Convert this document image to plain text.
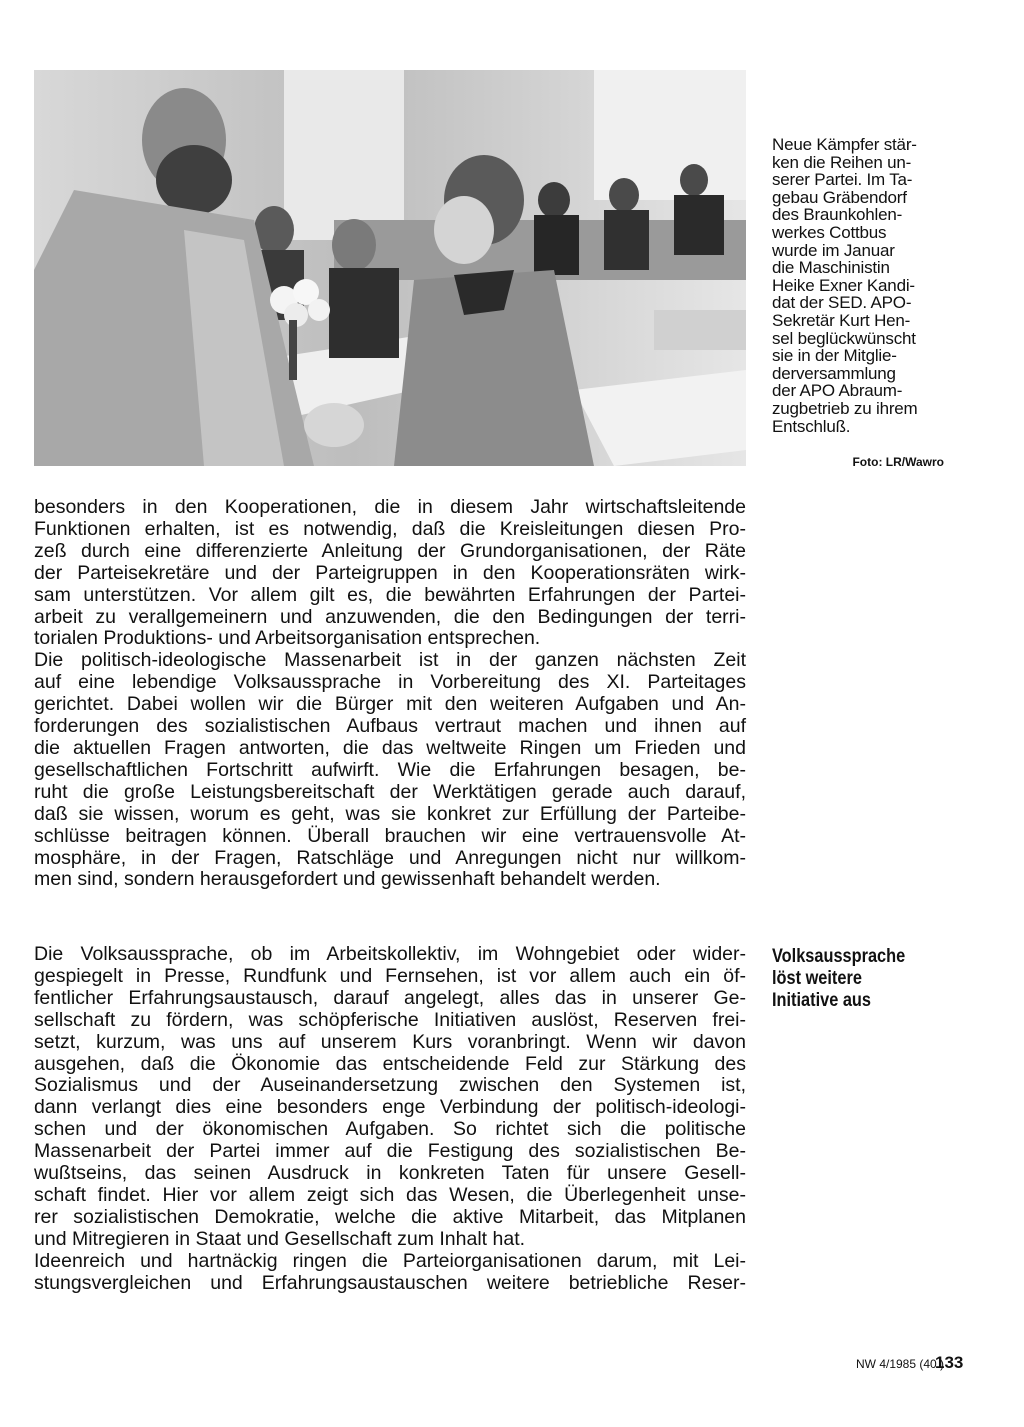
Neue Kämpfer stär-
ken die Reihen un-
serer Partei. Im Ta-
gebau Gräbendorf
des Braunkohlen-
werkes Cottbus
wurde im Januar
die Maschinistin
Heike Exner Kandi-
dat der SED. APO-
Sekretär Kurt Hen-
sel beglückwünscht
sie in der Mitglie-
derversammlung
der APO Abraum-
zugbetrieb zu ihrem
Entschluß.
Foto: LR/Wawro
besonders in den Kooperationen, die in diesem Jahr wirtschaftsleitende
Funktionen erhalten, ist es notwendig, daß die Kreisleitungen diesen Pro-
zeß durch eine differenzierte Anleitung der Grundorganisationen, der Räte
der Parteisekretäre und der Parteigruppen in den Kooperationsräten wirk-
sam unterstützen. Vor allem gilt es, die bewährten Erfahrungen der Partei-
arbeit zu verallgemeinern und anzuwenden, die den Bedingungen der terri-
torialen Produktions- und Arbeitsorganisation entsprechen.
Die politisch-ideologische Massenarbeit ist in der ganzen nächsten Zeit
auf eine lebendige Volksaussprache in Vorbereitung des XI. Parteitages
gerichtet. Dabei wollen wir die Bürger mit den weiteren Aufgaben und An-
forderungen des sozialistischen Aufbaus vertraut machen und ihnen auf
die aktuellen Fragen antworten, die das weltweite Ringen um Frieden und
gesellschaftlichen Fortschritt aufwirft. Wie die Erfahrungen besagen, be-
ruht die große Leistungsbereitschaft der Werktätigen gerade auch darauf,
daß sie wissen, worum es geht, was sie konkret zur Erfüllung der Parteibe-
schlüsse beitragen können. Überall brauchen wir eine vertrauensvolle At-
mosphäre, in der Fragen, Ratschläge und Anregungen nicht nur willkom-
men sind, sondern herausgefordert und gewissenhaft behandelt werden.
Volksaussprache
löst weitere
Initiative aus
Die Volksaussprache, ob im Arbeitskollektiv, im Wohngebiet oder wider-
gespiegelt in Presse, Rundfunk und Fernsehen, ist vor allem auch ein öf-
fentlicher Erfahrungsaustausch, darauf angelegt, alles das in unserer Ge-
sellschaft zu fördern, was schöpferische Initiativen auslöst, Reserven frei-
setzt, kurzum, was uns auf unserem Kurs voranbringt. Wenn wir davon
ausgehen, daß die Ökonomie das entscheidende Feld zur Stärkung des
Sozialismus und der Auseinandersetzung zwischen den Systemen ist,
dann verlangt dies eine besonders enge Verbindung der politisch-ideologi-
schen und der ökonomischen Aufgaben. So richtet sich die politische
Massenarbeit der Partei immer auf die Festigung des sozialistischen Be-
wußtseins, das seinen Ausdruck in konkreten Taten für unsere Gesell-
schaft findet. Hier vor allem zeigt sich das Wesen, die Überlegenheit unse-
rer sozialistischen Demokratie, welche die aktive Mitarbeit, das Mitplanen
und Mitregieren in Staat und Gesellschaft zum Inhalt hat.
Ideenreich und hartnäckig ringen die Parteiorganisationen darum, mit Lei-
stungsvergleichen und Erfahrungsaustauschen weitere betriebliche Reser-
NW 4/1985 (40.)
133
